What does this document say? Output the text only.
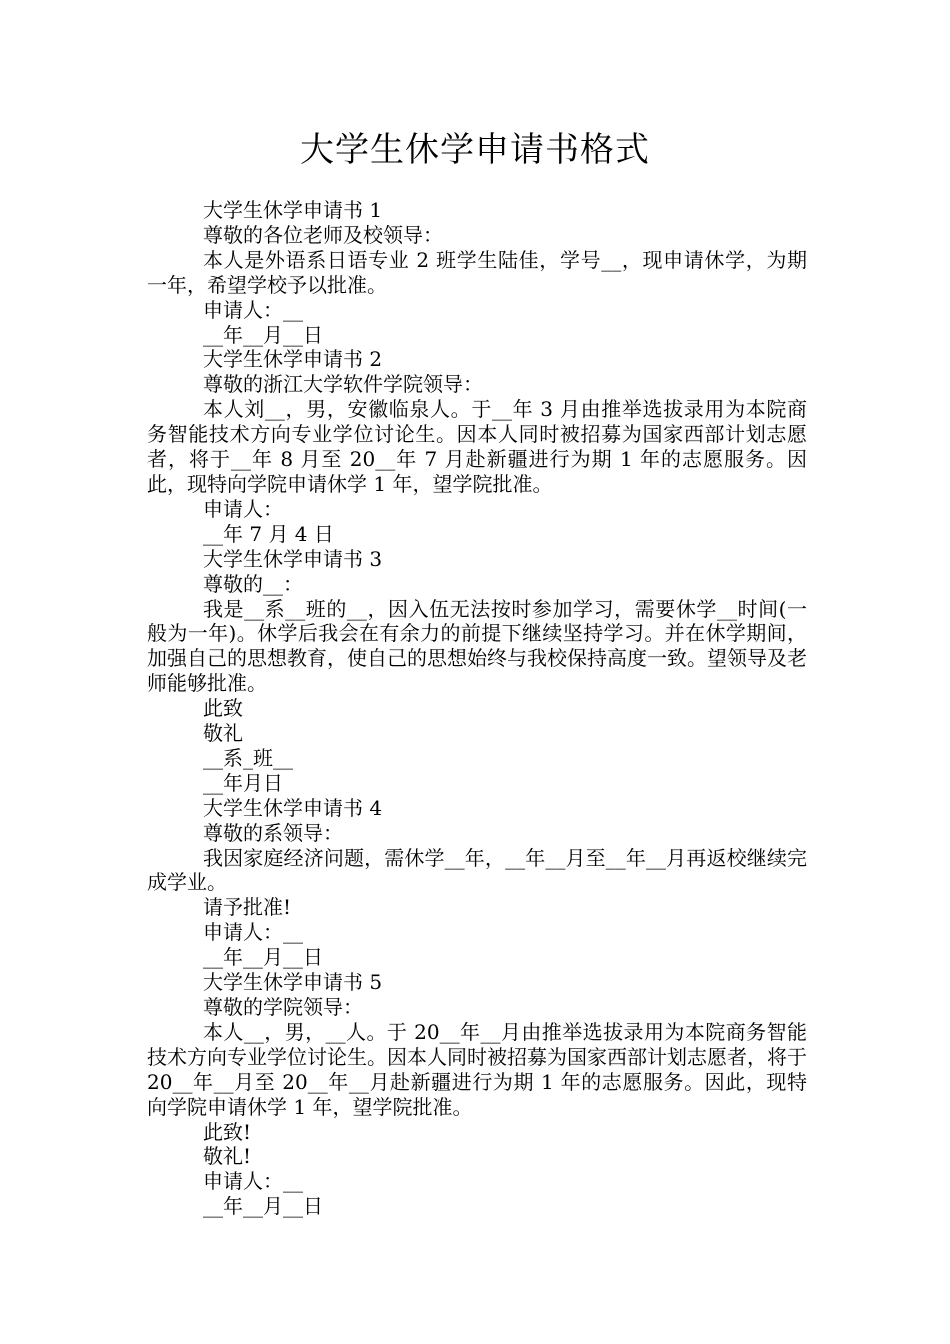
大学生休学申请书格式

大学生休学申请书 1

尊敬的各位老师及校领导：

本人是外语系日语专业 2 班学生陆佳，学号__，现申请休学，为期一年，希望学校予以批准。

申请人：__

__年__月__日

大学生休学申请书 2

尊敬的浙江大学软件学院领导：

本人刘__，男，安徽临泉人。于__年 3 月由推举选拔录用为本院商务智能技术方向专业学位讨论生。因本人同时被招募为国家西部计划志愿者，将于__年 8 月至 20__年 7 月赴新疆进行为期 1 年的志愿服务。因此，现特向学院申请休学 1 年，望学院批准。

申请人：

__年 7 月 4 日

大学生休学申请书 3

尊敬的__：

我是__系__班的__，因入伍无法按时参加学习，需要休学__时间(一般为一年)。休学后我会在有余力的前提下继续坚持学习。并在休学期间，加强自己的思想教育，使自己的思想始终与我校保持高度一致。望领导及老师能够批准。

此致

敬礼

__系_班__

__年月日

大学生休学申请书 4

尊敬的系领导：

我因家庭经济问题，需休学__年，__年__月至__年__月再返校继续完成学业。

请予批准!

申请人：__

__年__月__日

大学生休学申请书 5

尊敬的学院领导：

本人__，男，__人。于 20__年__月由推举选拔录用为本院商务智能技术方向专业学位讨论生。因本人同时被招募为国家西部计划志愿者，将于 20__年__月至 20__年__月赴新疆进行为期 1 年的志愿服务。因此，现特向学院申请休学 1 年，望学院批准。

此致!

敬礼!

申请人：__

__年__月__日
